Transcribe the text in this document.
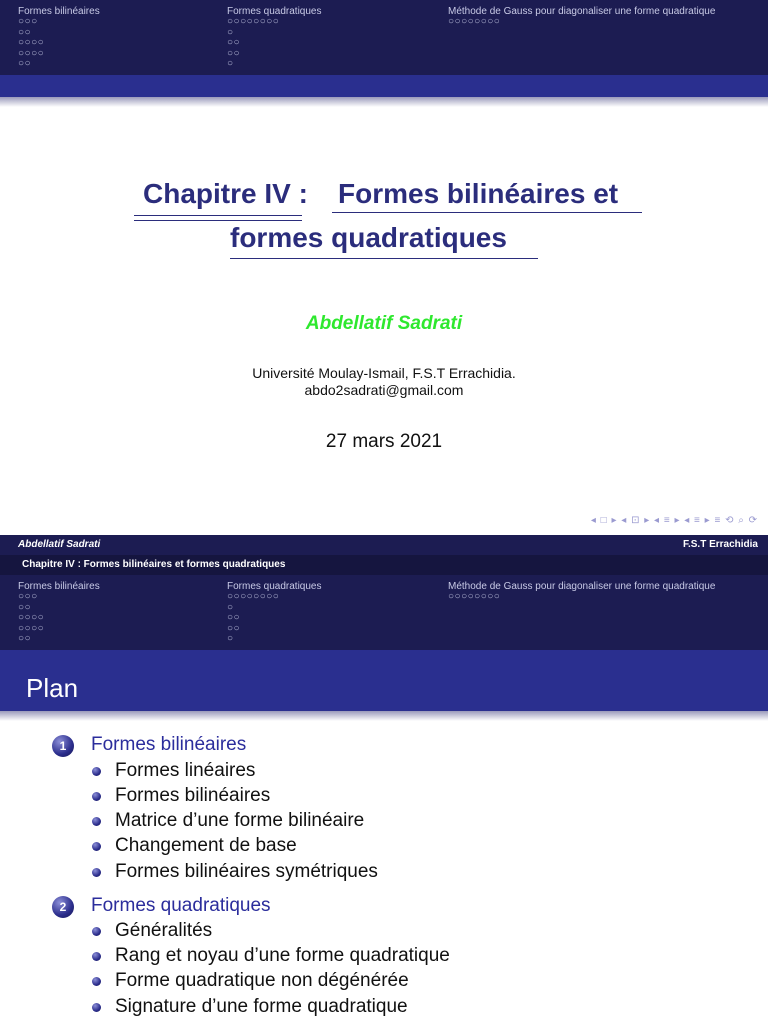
Formes bilinéaires
○○○
○○
○○○○
○○○○
○○
Formes quadratiques
○○○○○○○○
○
○○
○○
○
Méthode de Gauss pour diagonaliser une forme quadratique
○○○○○○○○
Chapitre IV : Formes bilinéaires et
formes quadratiques
Abdellatif Sadrati
Université Moulay-Ismail, F.S.T Errachidia.
abdo2sadrati@gmail.com
27 mars 2021
◂ □ ▸ ◂ ⊡ ▸ ◂ ≡ ▸ ◂ ≡ ▸ ≡ ⟲ ⌕ ⟳
Abdellatif Sadrati	F.S.T Errachidia
Chapitre IV : Formes bilinéaires et formes quadratiques
Formes bilinéaires
○○○
○○
○○○○
○○○○
○○
Formes quadratiques
○○○○○○○○
○
○○
○○
○
Méthode de Gauss pour diagonaliser une forme quadratique
○○○○○○○○
Plan
1	Formes bilinéaires
Formes linéaires
Formes bilinéaires
Matrice d’une forme bilinéaire
Changement de base
Formes bilinéaires symétriques
2	Formes quadratiques
Généralités
Rang et noyau d’une forme quadratique
Forme quadratique non dégénérée
Signature d’une forme quadratique
